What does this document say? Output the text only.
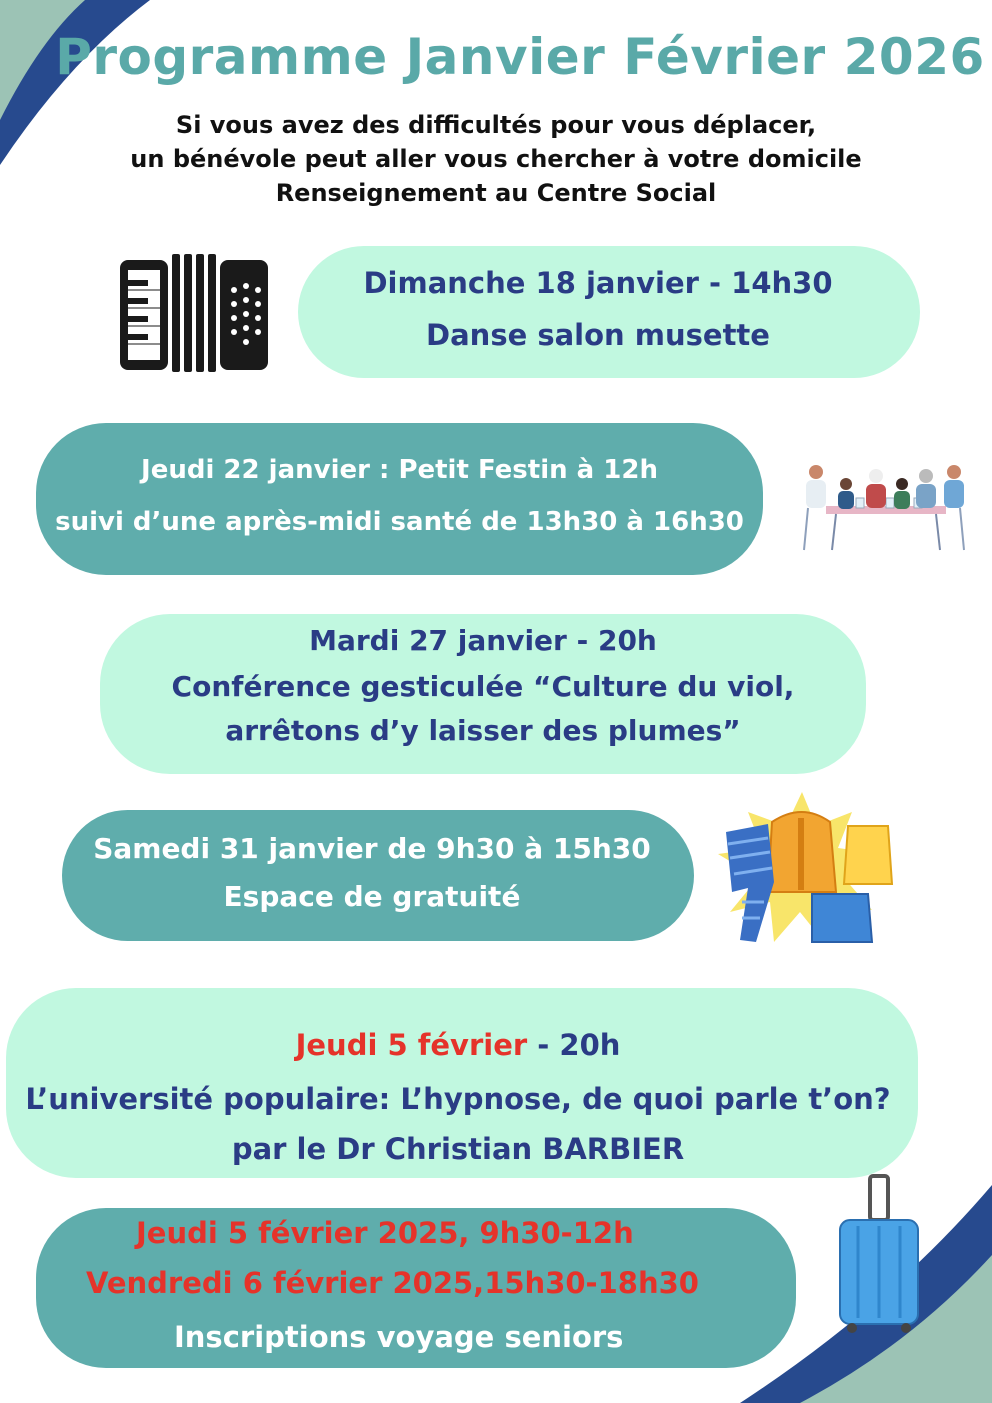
Programme Janvier Février 2026
Si vous avez des difficultés pour vous déplacer,
un bénévole peut aller vous chercher à votre domicile
Renseignement au Centre Social
Dimanche 18 janvier - 14h30
Danse salon musette
Jeudi 22 janvier : Petit Festin à 12h
suivi d’une après-midi santé de 13h30 à 16h30
Mardi 27 janvier - 20h
Conférence gesticulée “Culture du viol,
arrêtons d’y laisser des plumes”
Samedi 31 janvier de 9h30 à 15h30
Espace de gratuité
Jeudi 5 février - 20h
L’université populaire: L’hypnose, de quoi parle t’on?
par le Dr Christian BARBIER
Jeudi 5 février 2025, 9h30-12h
Vendredi 6 février 2025,15h30-18h30
Inscriptions voyage seniors
